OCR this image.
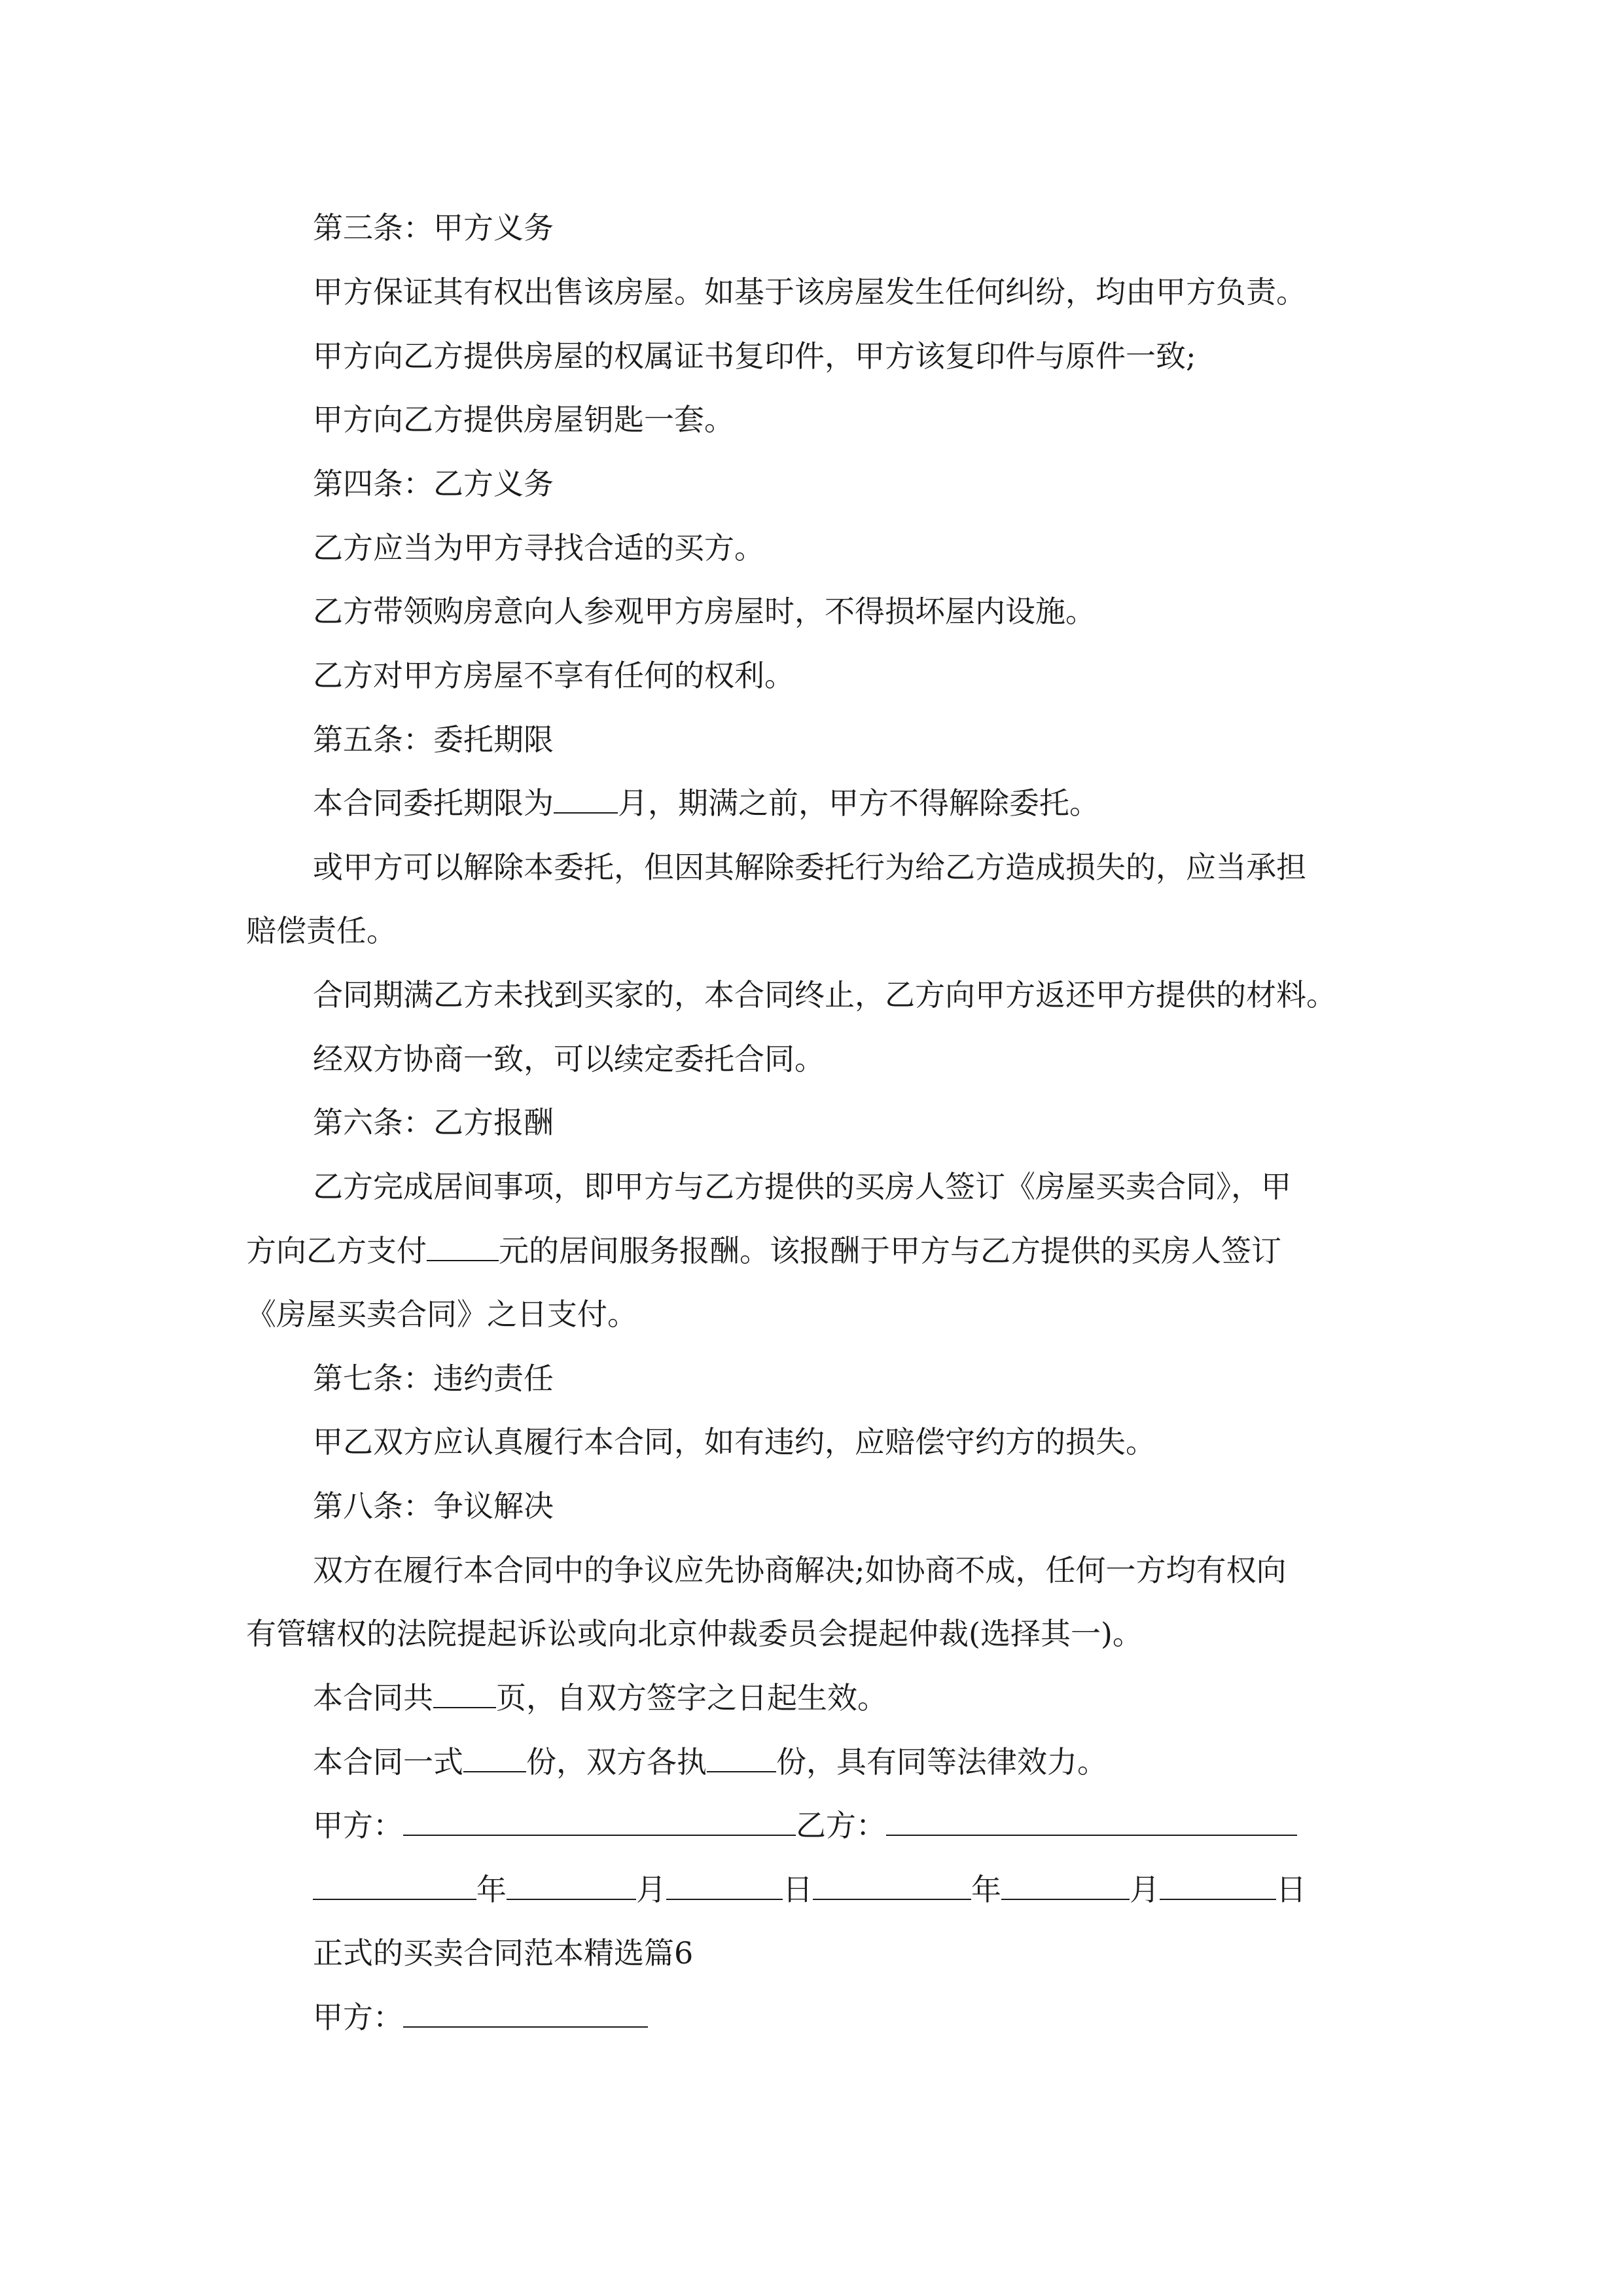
第三条：甲方义务
甲方保证其有权出售该房屋。如基于该房屋发生任何纠纷，均由甲方负责。
甲方向乙方提供房屋的权属证书复印件，甲方该复印件与原件一致;
甲方向乙方提供房屋钥匙一套。
第四条：乙方义务
乙方应当为甲方寻找合适的买方。
乙方带领购房意向人参观甲方房屋时，不得损坏屋内设施。
乙方对甲方房屋不享有任何的权利。
第五条：委托期限
本合同委托期限为 月，期满之前，甲方不得解除委托。
或甲方可以解除本委托，但因其解除委托行为给乙方造成损失的，应当承担
赔偿责任。
合同期满乙方未找到买家的，本合同终止，乙方向甲方返还甲方提供的材料。
经双方协商一致，可以续定委托合同。
第六条：乙方报酬
乙方完成居间事项，即甲方与乙方提供的买房人签订《房屋买卖合同》，甲
方向乙方支付 元的居间服务报酬。该报酬于甲方与乙方提供的买房人签订
《房屋买卖合同》之日支付。
第七条：违约责任
甲乙双方应认真履行本合同，如有违约，应赔偿守约方的损失。
第八条：争议解决
双方在履行本合同中的争议应先协商解决;如协商不成，任何一方均有权向
有管辖权的法院提起诉讼或向北京仲裁委员会提起仲裁(选择其一)。
本合同共 页，自双方签字之日起生效。
本合同一式 份，双方各执 份，具有同等法律效力。
甲方：	乙方：
年	月	日	年	月	日
正式的买卖合同范本精选篇6
甲方：
